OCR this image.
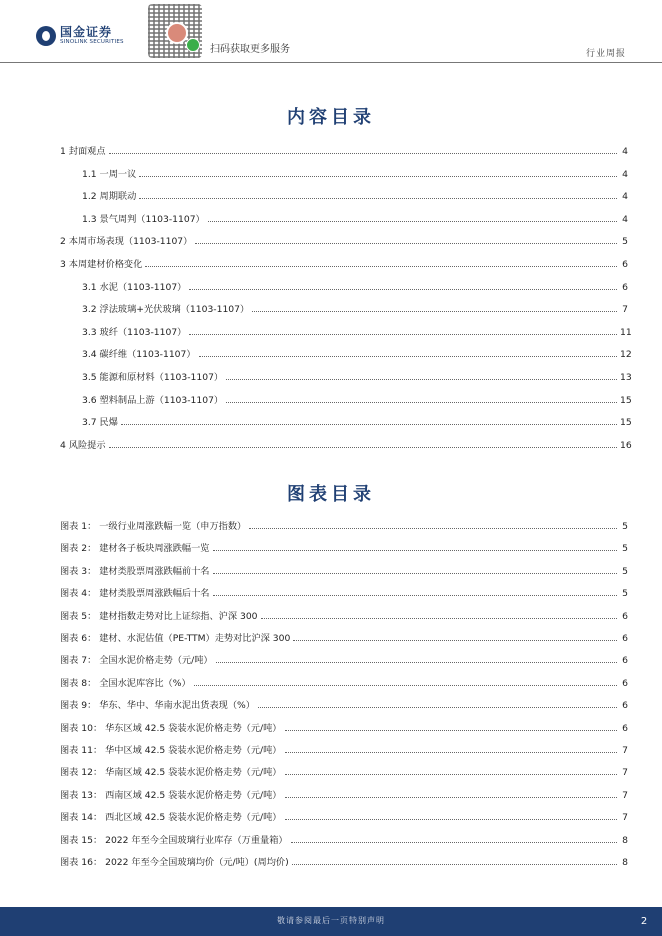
国金证券
SINOLINK SECURITIES
扫码获取更多服务	行业周报
内容目录
1 封面观点	4
1.1 一周一议	4
1.2 周期联动	4
1.3 景气周判（1103-1107）	4
2 本周市场表现（1103-1107）	5
3 本周建材价格变化	6
3.1 水泥（1103-1107）	6
3.2 浮法玻璃+光伏玻璃（1103-1107）	7
3.3 玻纤（1103-1107）	11
3.4 碳纤维（1103-1107）	12
3.5 能源和原材料（1103-1107）	13
3.6 塑料制品上游（1103-1107）	15
3.7 民爆	15
4 风险提示	16
图表目录
图表 1： 一级行业周涨跌幅一览（申万指数）	5
图表 2： 建材各子板块周涨跌幅一览	5
图表 3： 建材类股票周涨跌幅前十名	5
图表 4： 建材类股票周涨跌幅后十名	5
图表 5： 建材指数走势对比上证综指、沪深 300	6
图表 6： 建材、水泥估值（PE-TTM）走势对比沪深 300	6
图表 7： 全国水泥价格走势（元/吨）	6
图表 8： 全国水泥库容比（%）	6
图表 9： 华东、华中、华南水泥出货表现（%）	6
图表 10： 华东区域 42.5 袋装水泥价格走势（元/吨）	6
图表 11： 华中区域 42.5 袋装水泥价格走势（元/吨）	7
图表 12： 华南区域 42.5 袋装水泥价格走势（元/吨）	7
图表 13： 西南区域 42.5 袋装水泥价格走势（元/吨）	7
图表 14： 西北区域 42.5 袋装水泥价格走势（元/吨）	7
图表 15： 2022 年至今全国玻璃行业库存（万重量箱）	8
图表 16： 2022 年至今全国玻璃均价（元/吨）(周均价)	8
敬请参阅最后一页特别声明	2
